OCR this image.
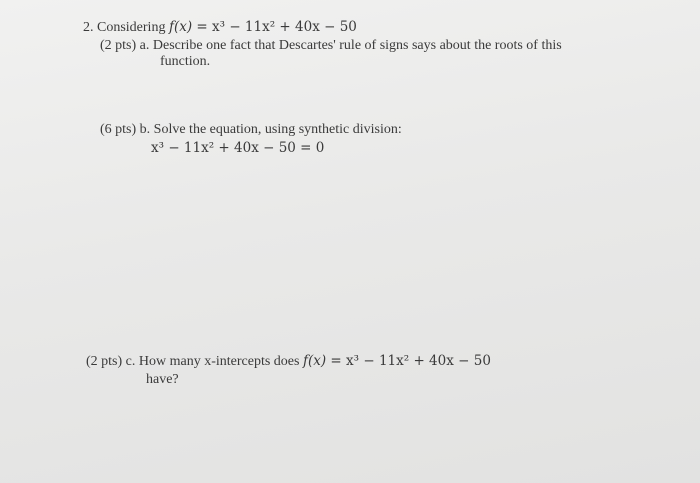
2. Considering f(x) = x³ − 11x² + 40x − 50
(2 pts) a. Describe one fact that Descartes' rule of signs says about the roots of this
function.
(6 pts) b. Solve the equation, using synthetic division:
x³ − 11x² + 40x − 50 = 0
(2 pts) c. How many x-intercepts does f(x) = x³ − 11x² + 40x − 50
have?
